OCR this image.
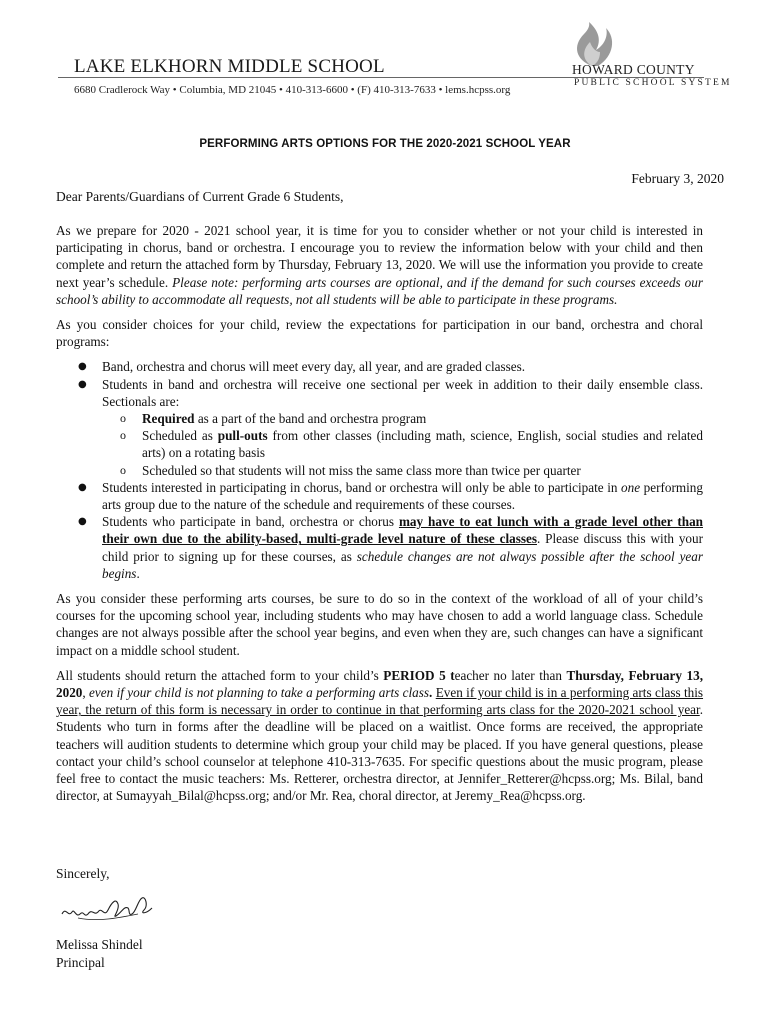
LAKE ELKHORN MIDDLE SCHOOL
6680 Cradlerock Way • Columbia, MD 21045 • 410-313-6600 • (F) 410-313-7633 • lems.hcpss.org
HOWARD COUNTY
PUBLIC SCHOOL SYSTEM
PERFORMING ARTS OPTIONS FOR THE 2020-2021 SCHOOL YEAR
February 3, 2020
Dear Parents/Guardians of Current Grade 6 Students,

As we prepare for 2020 - 2021 school year, it is time for you to consider whether or not your child is interested in participating in chorus, band or orchestra. I encourage you to review the information below with your child and then complete and return the attached form by Thursday, February 13, 2020. We will use the information you provide to create next year’s schedule. Please note: performing arts courses are optional, and if the demand for such courses exceeds our school’s ability to accommodate all requests, not all students will be able to participate in these programs.

As you consider choices for your child, review the expectations for participation in our band, orchestra and choral programs:

● Band, orchestra and chorus will meet every day, all year, and are graded classes.
● Students in band and orchestra will receive one sectional per week in addition to their daily ensemble class. Sectionals are:
o Required as a part of the band and orchestra program
o Scheduled as pull-outs from other classes (including math, science, English, social studies and related arts) on a rotating basis
o Scheduled so that students will not miss the same class more than twice per quarter
● Students interested in participating in chorus, band or orchestra will only be able to participate in one performing arts group due to the nature of the schedule and requirements of these courses.
● Students who participate in band, orchestra or chorus may have to eat lunch with a grade level other than their own due to the ability-based, multi-grade level nature of these classes. Please discuss this with your child prior to signing up for these courses, as schedule changes are not always possible after the school year begins.

As you consider these performing arts courses, be sure to do so in the context of the workload of all of your child’s courses for the upcoming school year, including students who may have chosen to add a world language class. Schedule changes are not always possible after the school year begins, and even when they are, such changes can have a significant impact on a middle school student.

All students should return the attached form to your child’s PERIOD 5 teacher no later than Thursday, February 13, 2020, even if your child is not planning to take a performing arts class. Even if your child is in a performing arts class this year, the return of this form is necessary in order to continue in that performing arts class for the 2020-2021 school year. Students who turn in forms after the deadline will be placed on a waitlist. Once forms are received, the appropriate teachers will audition students to determine which group your child may be placed. If you have general questions, please contact your child’s school counselor at telephone 410-313-7635. For specific questions about the music program, please feel free to contact the music teachers: Ms. Retterer, orchestra director, at Jennifer_Retterer@hcpss.org; Ms. Bilal, band director, at Sumayyah_Bilal@hcpss.org; and/or Mr. Rea, choral director, at Jeremy_Rea@hcpss.org.

Sincerely,
Melissa Shindel
Principal
